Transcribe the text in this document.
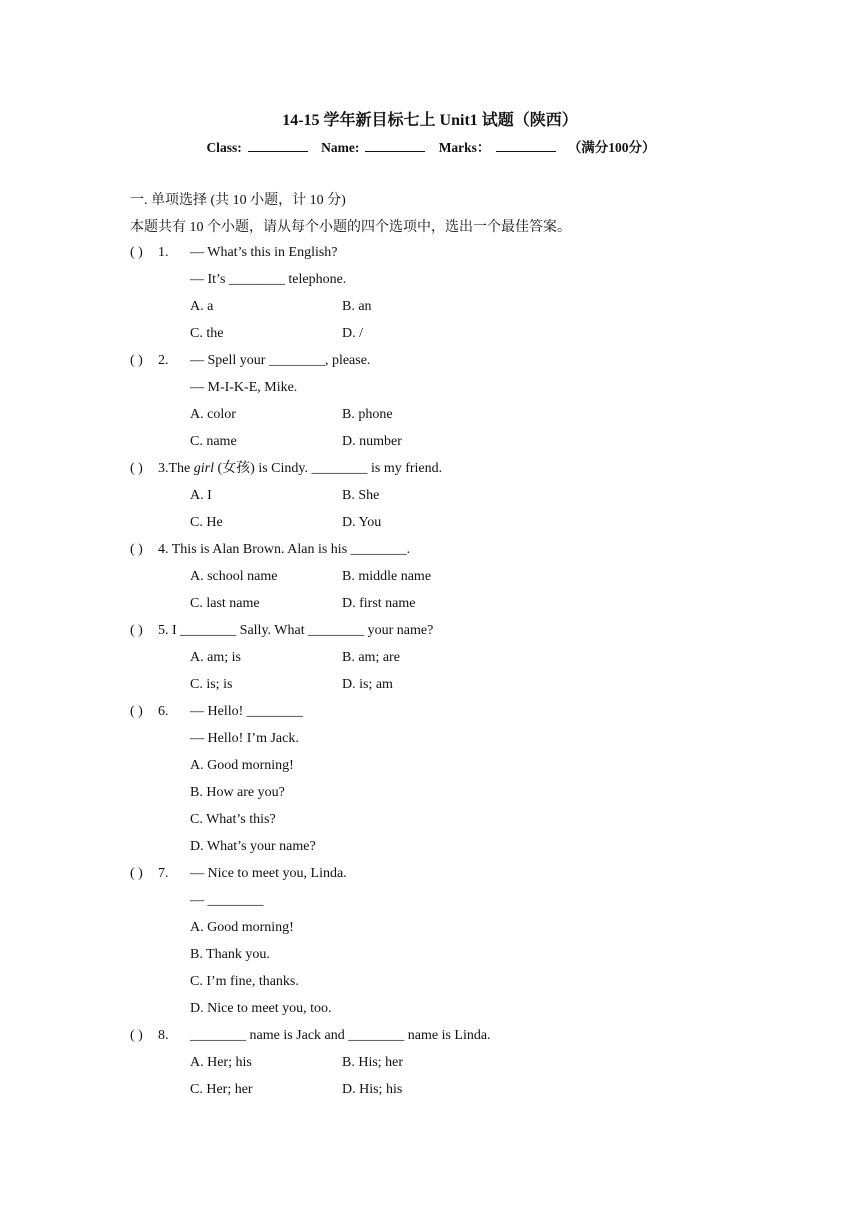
14-15 学年新目标七上 Unit1 试题（陕西）
Class:	Name:	Marks：	（满分100分）
一. 单项选择 (共 10 小题，计 10 分)
本题共有 10 个小题，请从每个小题的四个选项中，选出一个最佳答案。
( ) 1. — What’s this in English?
— It’s ________ telephone.
A. a	B. an
C. the	D. /
( ) 2. — Spell your ________, please.
— M-I-K-E, Mike.
A. color	B. phone
C. name	D. number
( ) 3.The girl (女孩) is Cindy. ________ is my friend.
A. I	B. She
C. He	D. You
( ) 4. This is Alan Brown. Alan is his ________.
A. school name	B. middle name
C. last name	D. first name
( ) 5. I ________ Sally. What ________ your name?
A. am; is	B. am; are
C. is; is	D. is; am
( ) 6. — Hello! ________
— Hello! I’m Jack.
A. Good morning!
B. How are you?
C. What’s this?
D. What’s your name?
( ) 7. — Nice to meet you, Linda.
— ________
A. Good morning!
B. Thank you.
C. I’m fine, thanks.
D. Nice to meet you, too.
( ) 8. ________ name is Jack and ________ name is Linda.
A. Her; his	B. His; her
C. Her; her	D. His; his
